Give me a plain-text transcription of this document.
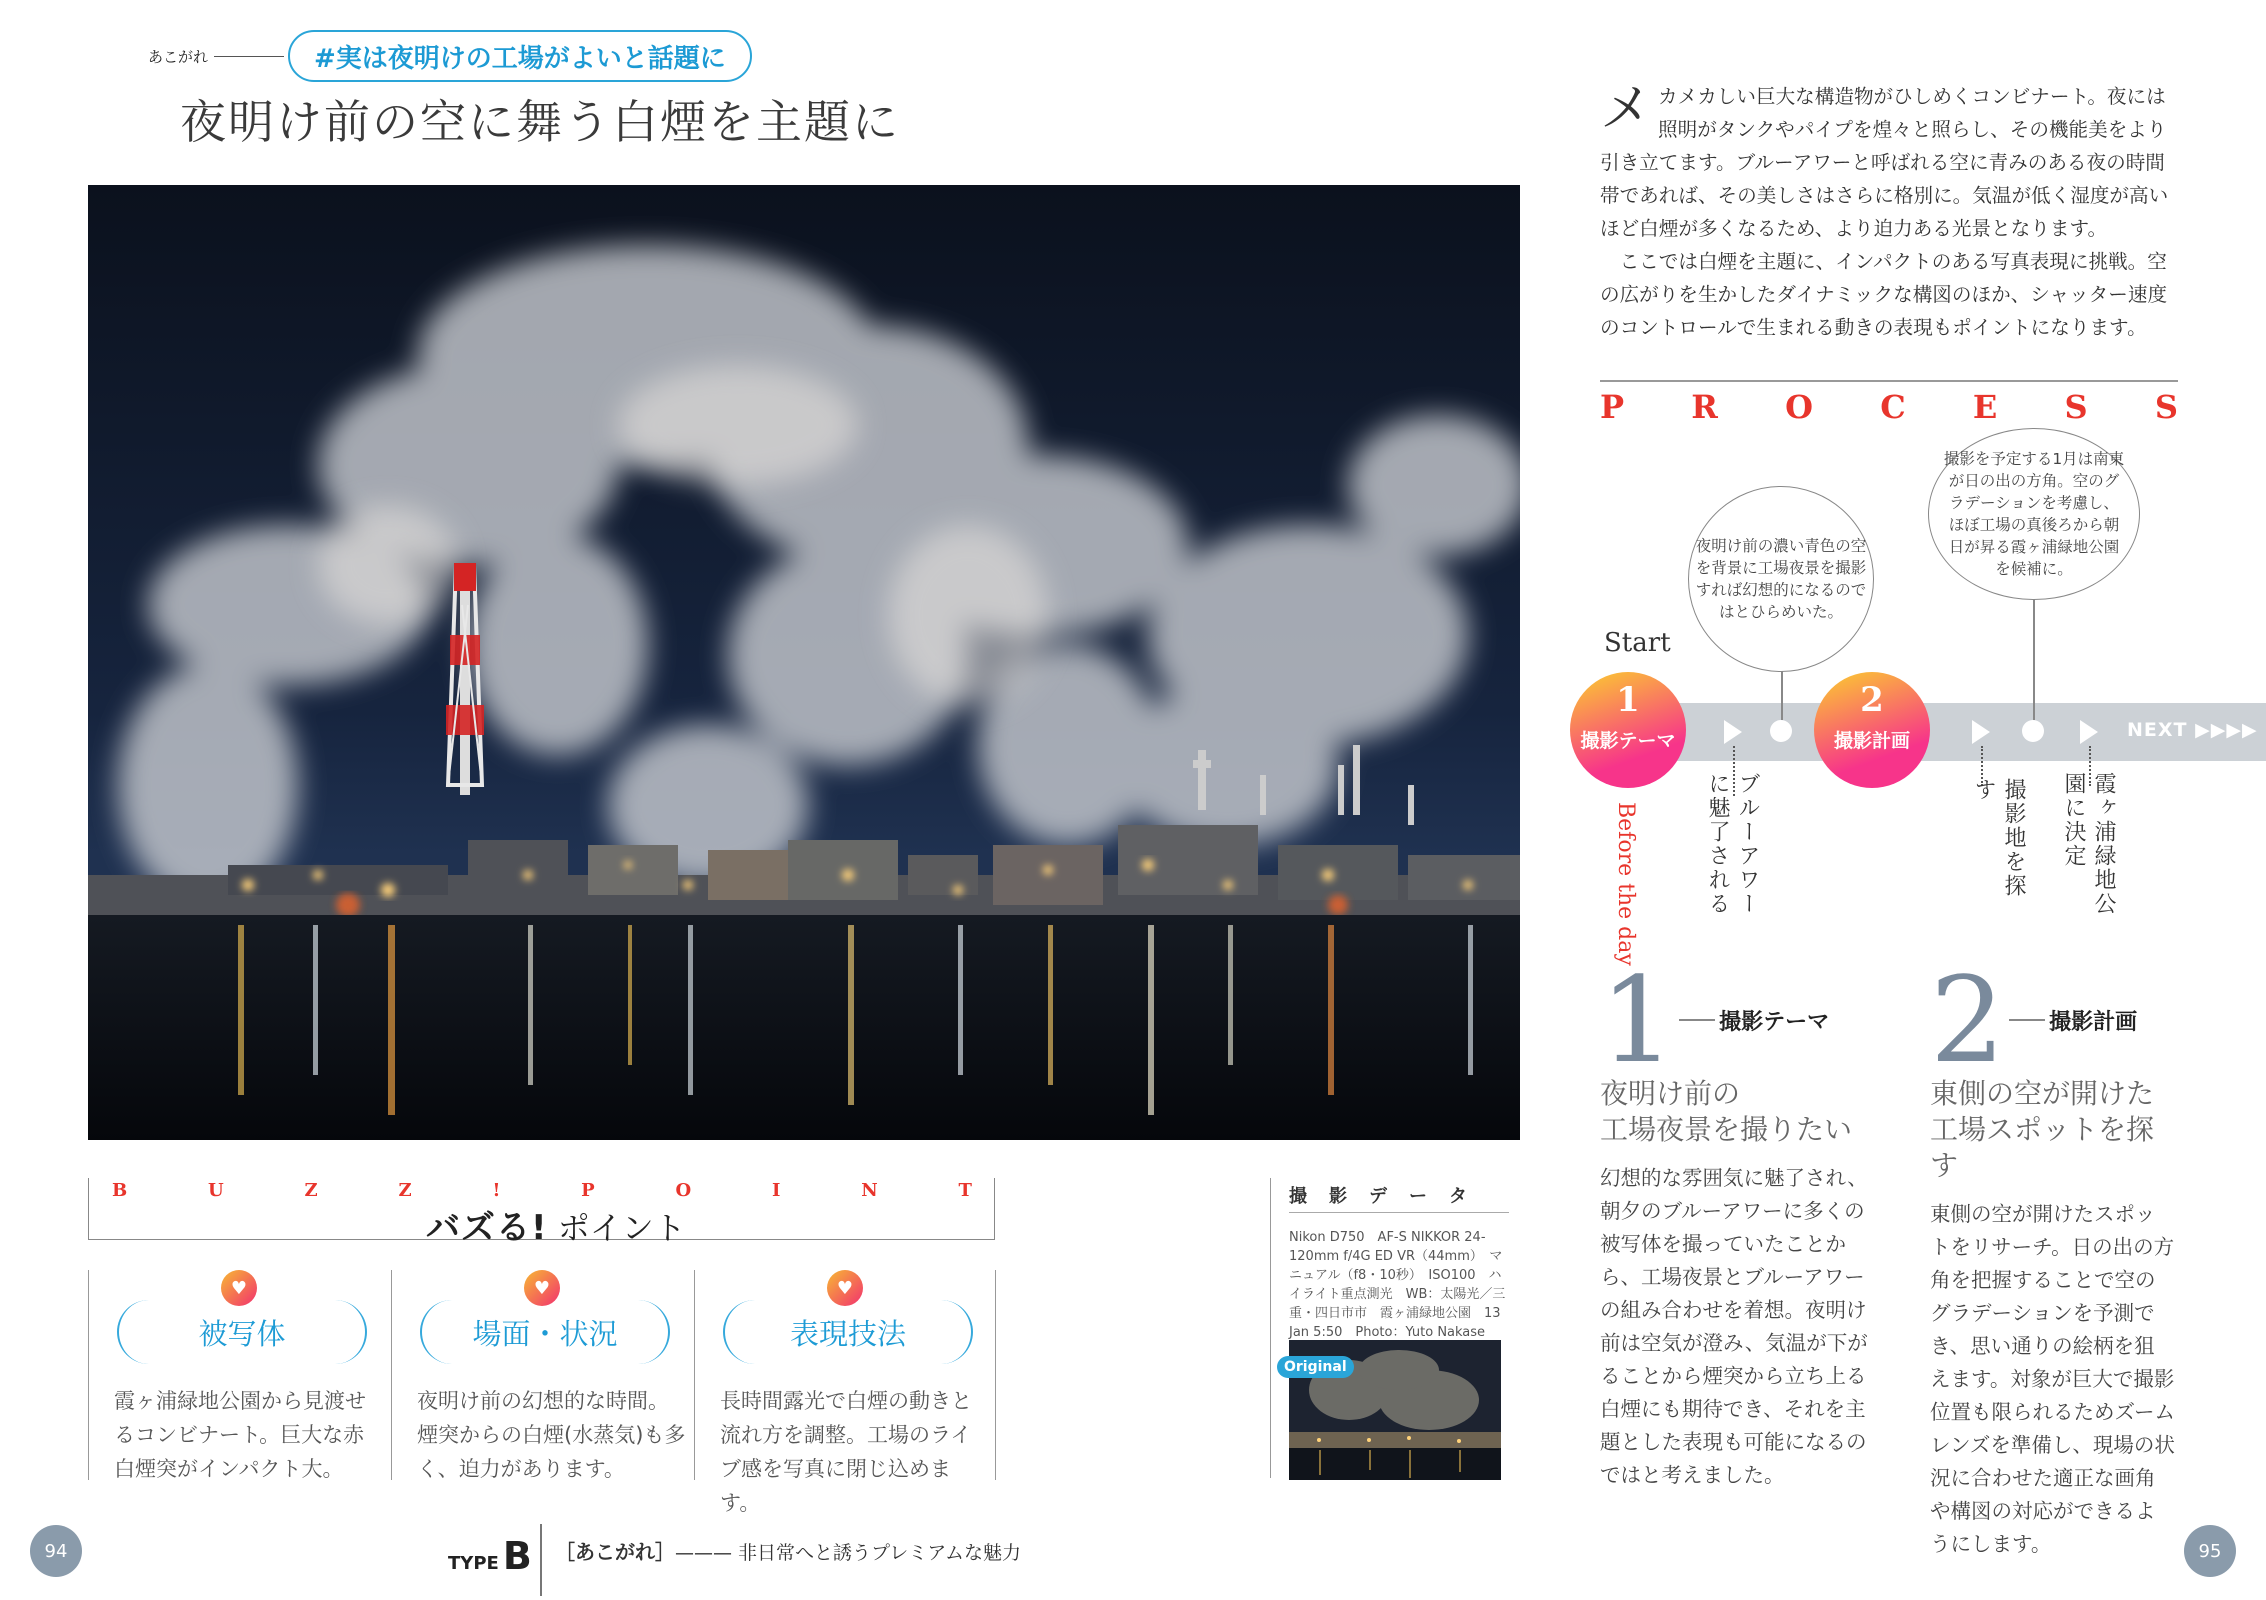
あこがれ	#実は夜明けの工場がよいと話題に
夜明け前の空に舞う白煙を主題に
B	U	Z	Z	!	P	O	I	N	T
バズる! ポイント
♥
被写体
霞ヶ浦緑地公園から見渡せるコンビナート。巨大な赤白煙突がインパクト大。
♥
場面・状況
夜明け前の幻想的な時間。煙突からの白煙(水蒸気)も多く、迫力があります。
♥
表現技法
長時間露光で白煙の動きと流れ方を調整。工場のライブ感を写真に閉じ込めます。
撮影データ
Nikon D750　AF-S NIKKOR 24-120mm f/4G ED VR（44mm）　マニュアル（f8・10秒）　ISO100　ハイライト重点測光　WB：太陽光／三重・四日市市　霞ヶ浦緑地公園　13 Jan 5:50　Photo：Yuto Nakase
Original
94	95
TYPE B ［あこがれ］——— 非日常へと誘うプレミアムな魅力
メ カメカしい巨大な構造物がひしめくコンビナート。夜には照明がタンクやパイプを煌々と照らし、その機能美をより引き立てます。ブルーアワーと呼ばれる空に青みのある夜の時間帯であれば、その美しさはさらに格別に。気温が低く湿度が高いほど白煙が多くなるため、より迫力ある光景となります。

ここでは白煙を主題に、インパクトのある写真表現に挑戦。空の広がりを生かしたダイナミックな構図のほか、シャッター速度のコントロールで生まれる動きの表現もポイントになります。

P R O C E S S
夜明け前の濃い青色の空を背景に工場夜景を撮影すれば幻想的になるのではとひらめいた。
撮影を予定する1月は南東が日の出の方角。空のグラデーションを考慮し、ほぼ工場の真後ろから朝日が昇る霞ヶ浦緑地公園を候補に。
Start
1
撮影テーマ
2
撮影計画	NEXT ▶▶▶▶
Before the day	ブルーアワーに魅了される	撮影地を探す	霞ヶ浦緑地公園に決定
1 撮影テーマ
夜明け前の
工場夜景を撮りたい
幻想的な雰囲気に魅了され、朝夕のブルーアワーに多くの被写体を撮っていたことから、工場夜景とブルーアワーの組み合わせを着想。夜明け前は空気が澄み、気温が下がることから煙突から立ち上る白煙にも期待でき、それを主題とした表現も可能になるのではと考えました。
2 撮影計画
東側の空が開けた
工場スポットを探す
東側の空が開けたスポットをリサーチ。日の出の方角を把握することで空のグラデーションを予測でき、思い通りの絵柄を狙えます。対象が巨大で撮影位置も限られるためズームレンズを準備し、現場の状況に合わせた適正な画角や構図の対応ができるようにします。
